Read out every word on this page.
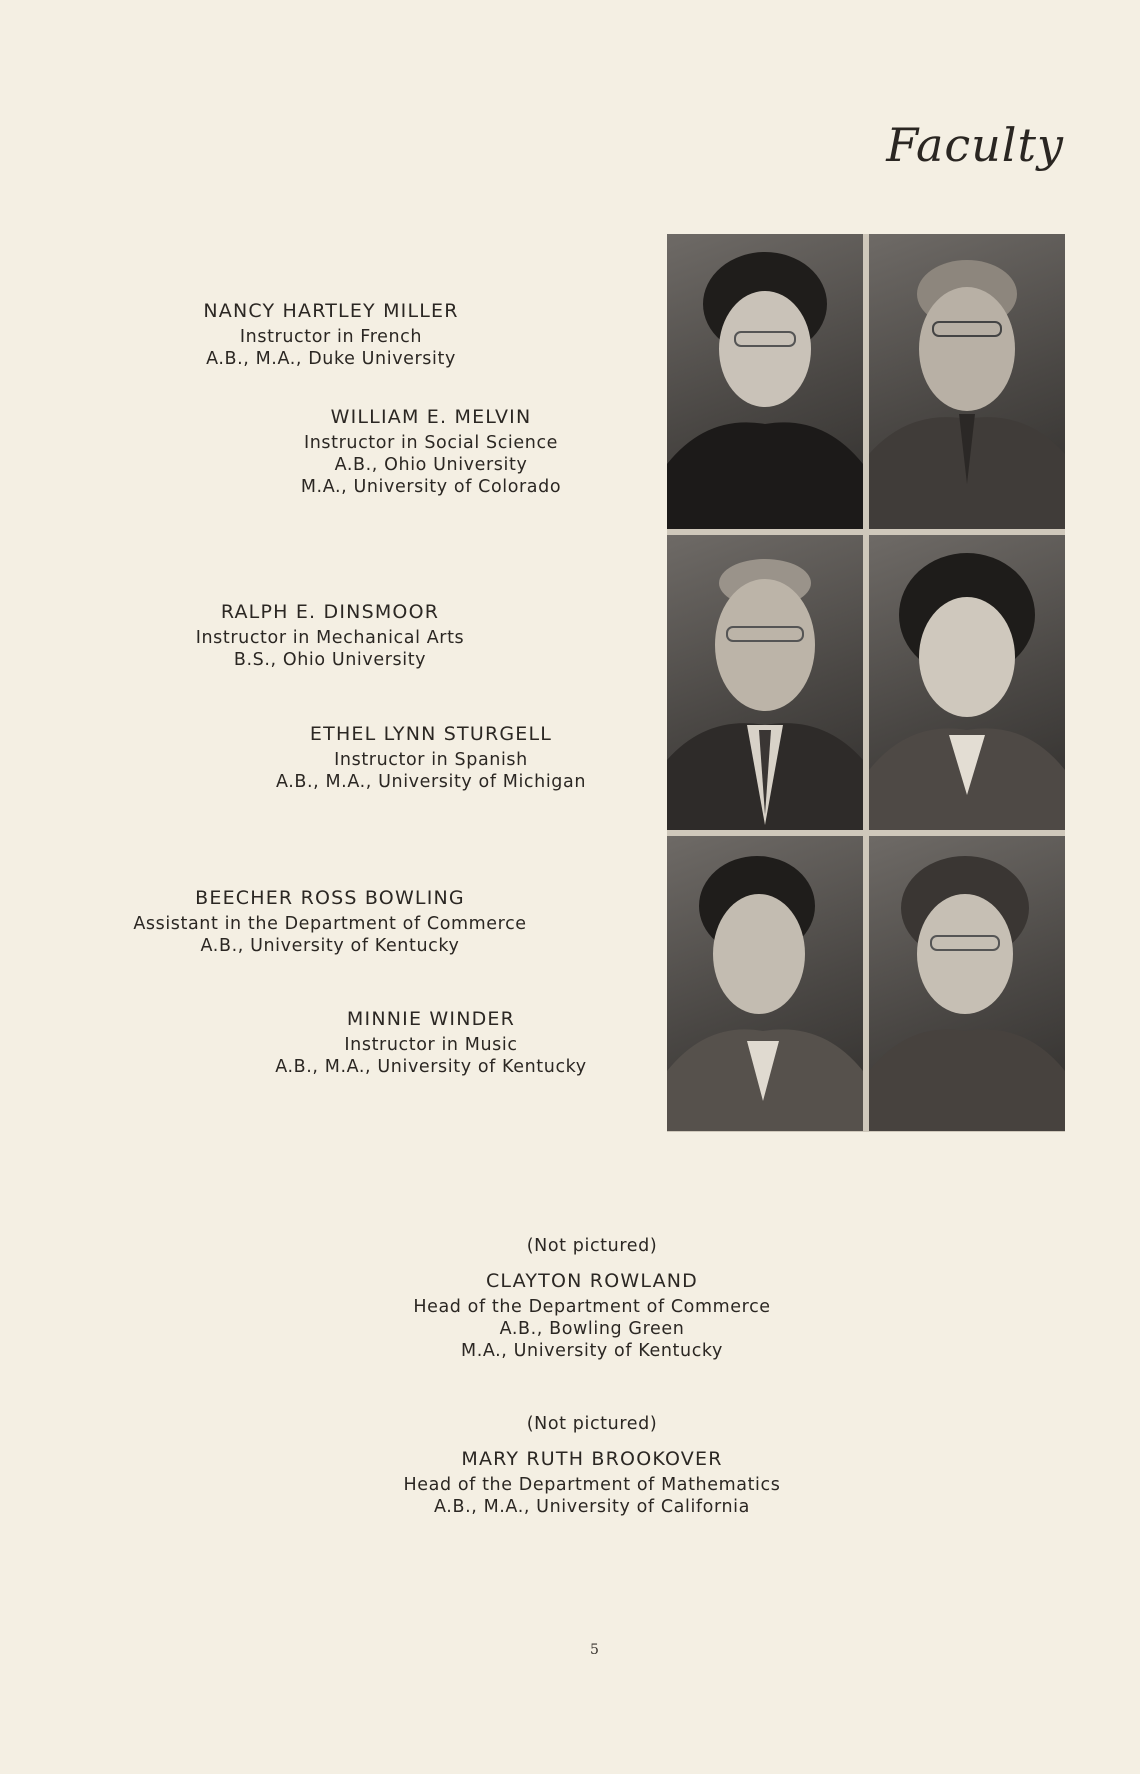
Faculty
NANCY HARTLEY MILLER
Instructor in French
A.B., M.A., Duke University
WILLIAM E. MELVIN
Instructor in Social Science
A.B., Ohio University
M.A., University of Colorado
RALPH E. DINSMOOR
Instructor in Mechanical Arts
B.S., Ohio University
ETHEL LYNN STURGELL
Instructor in Spanish
A.B., M.A., University of Michigan
BEECHER ROSS BOWLING
Assistant in the Department of Commerce
A.B., University of Kentucky
MINNIE WINDER
Instructor in Music
A.B., M.A., University of Kentucky
(Not pictured)
CLAYTON ROWLAND
Head of the Department of Commerce
A.B., Bowling Green
M.A., University of Kentucky
(Not pictured)
MARY RUTH BROOKOVER
Head of the Department of Mathematics
A.B., M.A., University of California
5
